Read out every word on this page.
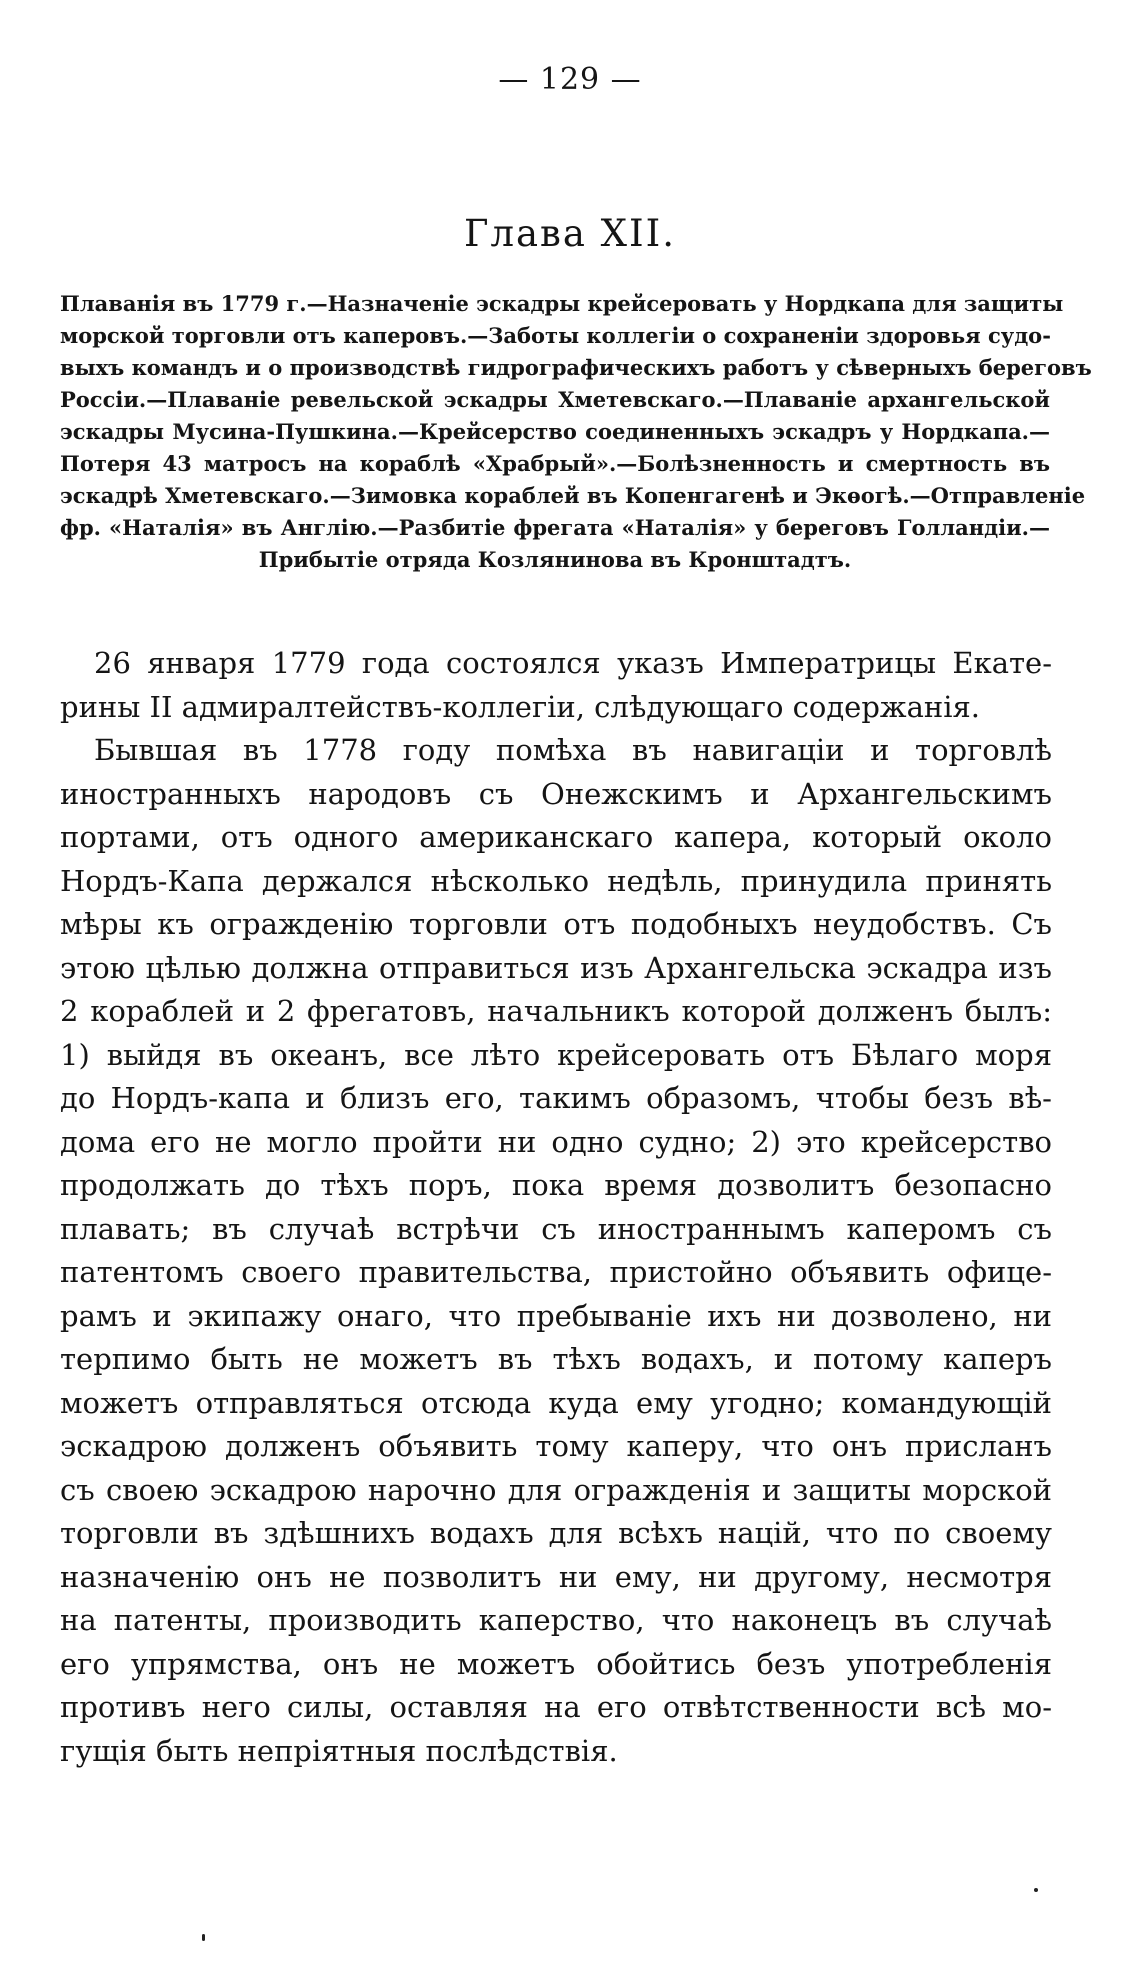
— 129 —
Глава XII.
Плаванія въ 1779 г.—Назначеніе эскадры крейсеровать у Нордкапа для защиты
морской торговли отъ каперовъ.—Заботы коллегіи о сохраненіи здоровья судо-
выхъ командъ и о производствѣ гидрографическихъ работъ у сѣверныхъ береговъ
Россіи.—Плаваніе ревельской эскадры Хметевскаго.—Плаваніе архангельской
эскадры Мусина-Пушкина.—Крейсерство соединенныхъ эскадръ у Нордкапа.—
Потеря 43 матросъ на кораблѣ «Храбрый».—Болѣзненность и смертность въ
эскадрѣ Хметевскаго.—Зимовка кораблей въ Копенгагенѣ и Экѳогѣ.—Отправленіе
фр. «Наталія» въ Англію.—Разбитіе фрегата «Наталія» у береговъ Голландіи.—
Прибытіе отряда Козлянинова въ Кронштадтъ.
26 января 1779 года состоялся указъ Императрицы Екате-
рины II адмиралтействъ-коллегіи, слѣдующаго содержанія.
Бывшая въ 1778 году помѣха въ навигаціи и торговлѣ
иностранныхъ народовъ съ Онежскимъ и Архангельскимъ
портами, отъ одного американскаго капера, который около
Нордъ-Капа держался нѣсколько недѣль, принудила принять
мѣры къ огражденію торговли отъ подобныхъ неудобствъ. Съ
этою цѣлью должна отправиться изъ Архангельска эскадра изъ
2 кораблей и 2 фрегатовъ, начальникъ которой долженъ былъ:
1) выйдя въ океанъ, все лѣто крейсеровать отъ Бѣлаго моря
до Нордъ-капа и близъ его, такимъ образомъ, чтобы безъ вѣ-
дома его не могло пройти ни одно судно; 2) это крейсерство
продолжать до тѣхъ поръ, пока время дозволитъ безопасно
плавать; въ случаѣ встрѣчи съ иностраннымъ каперомъ съ
патентомъ своего правительства, пристойно объявить офице-
рамъ и экипажу онаго, что пребываніе ихъ ни дозволено, ни
терпимо быть не можетъ въ тѣхъ водахъ, и потому каперъ
можетъ отправляться отсюда куда ему угодно; командующій
эскадрою долженъ объявить тому каперу, что онъ присланъ
съ своею эскадрою нарочно для огражденія и защиты морской
торговли въ здѣшнихъ водахъ для всѣхъ націй, что по своему
назначенію онъ не позволитъ ни ему, ни другому, несмотря
на патенты, производить каперство, что наконецъ въ случаѣ
его упрямства, онъ не можетъ обойтись безъ употребленія
противъ него силы, оставляя на его отвѣтственности всѣ мо-
гущія быть непріятныя послѣдствія.
